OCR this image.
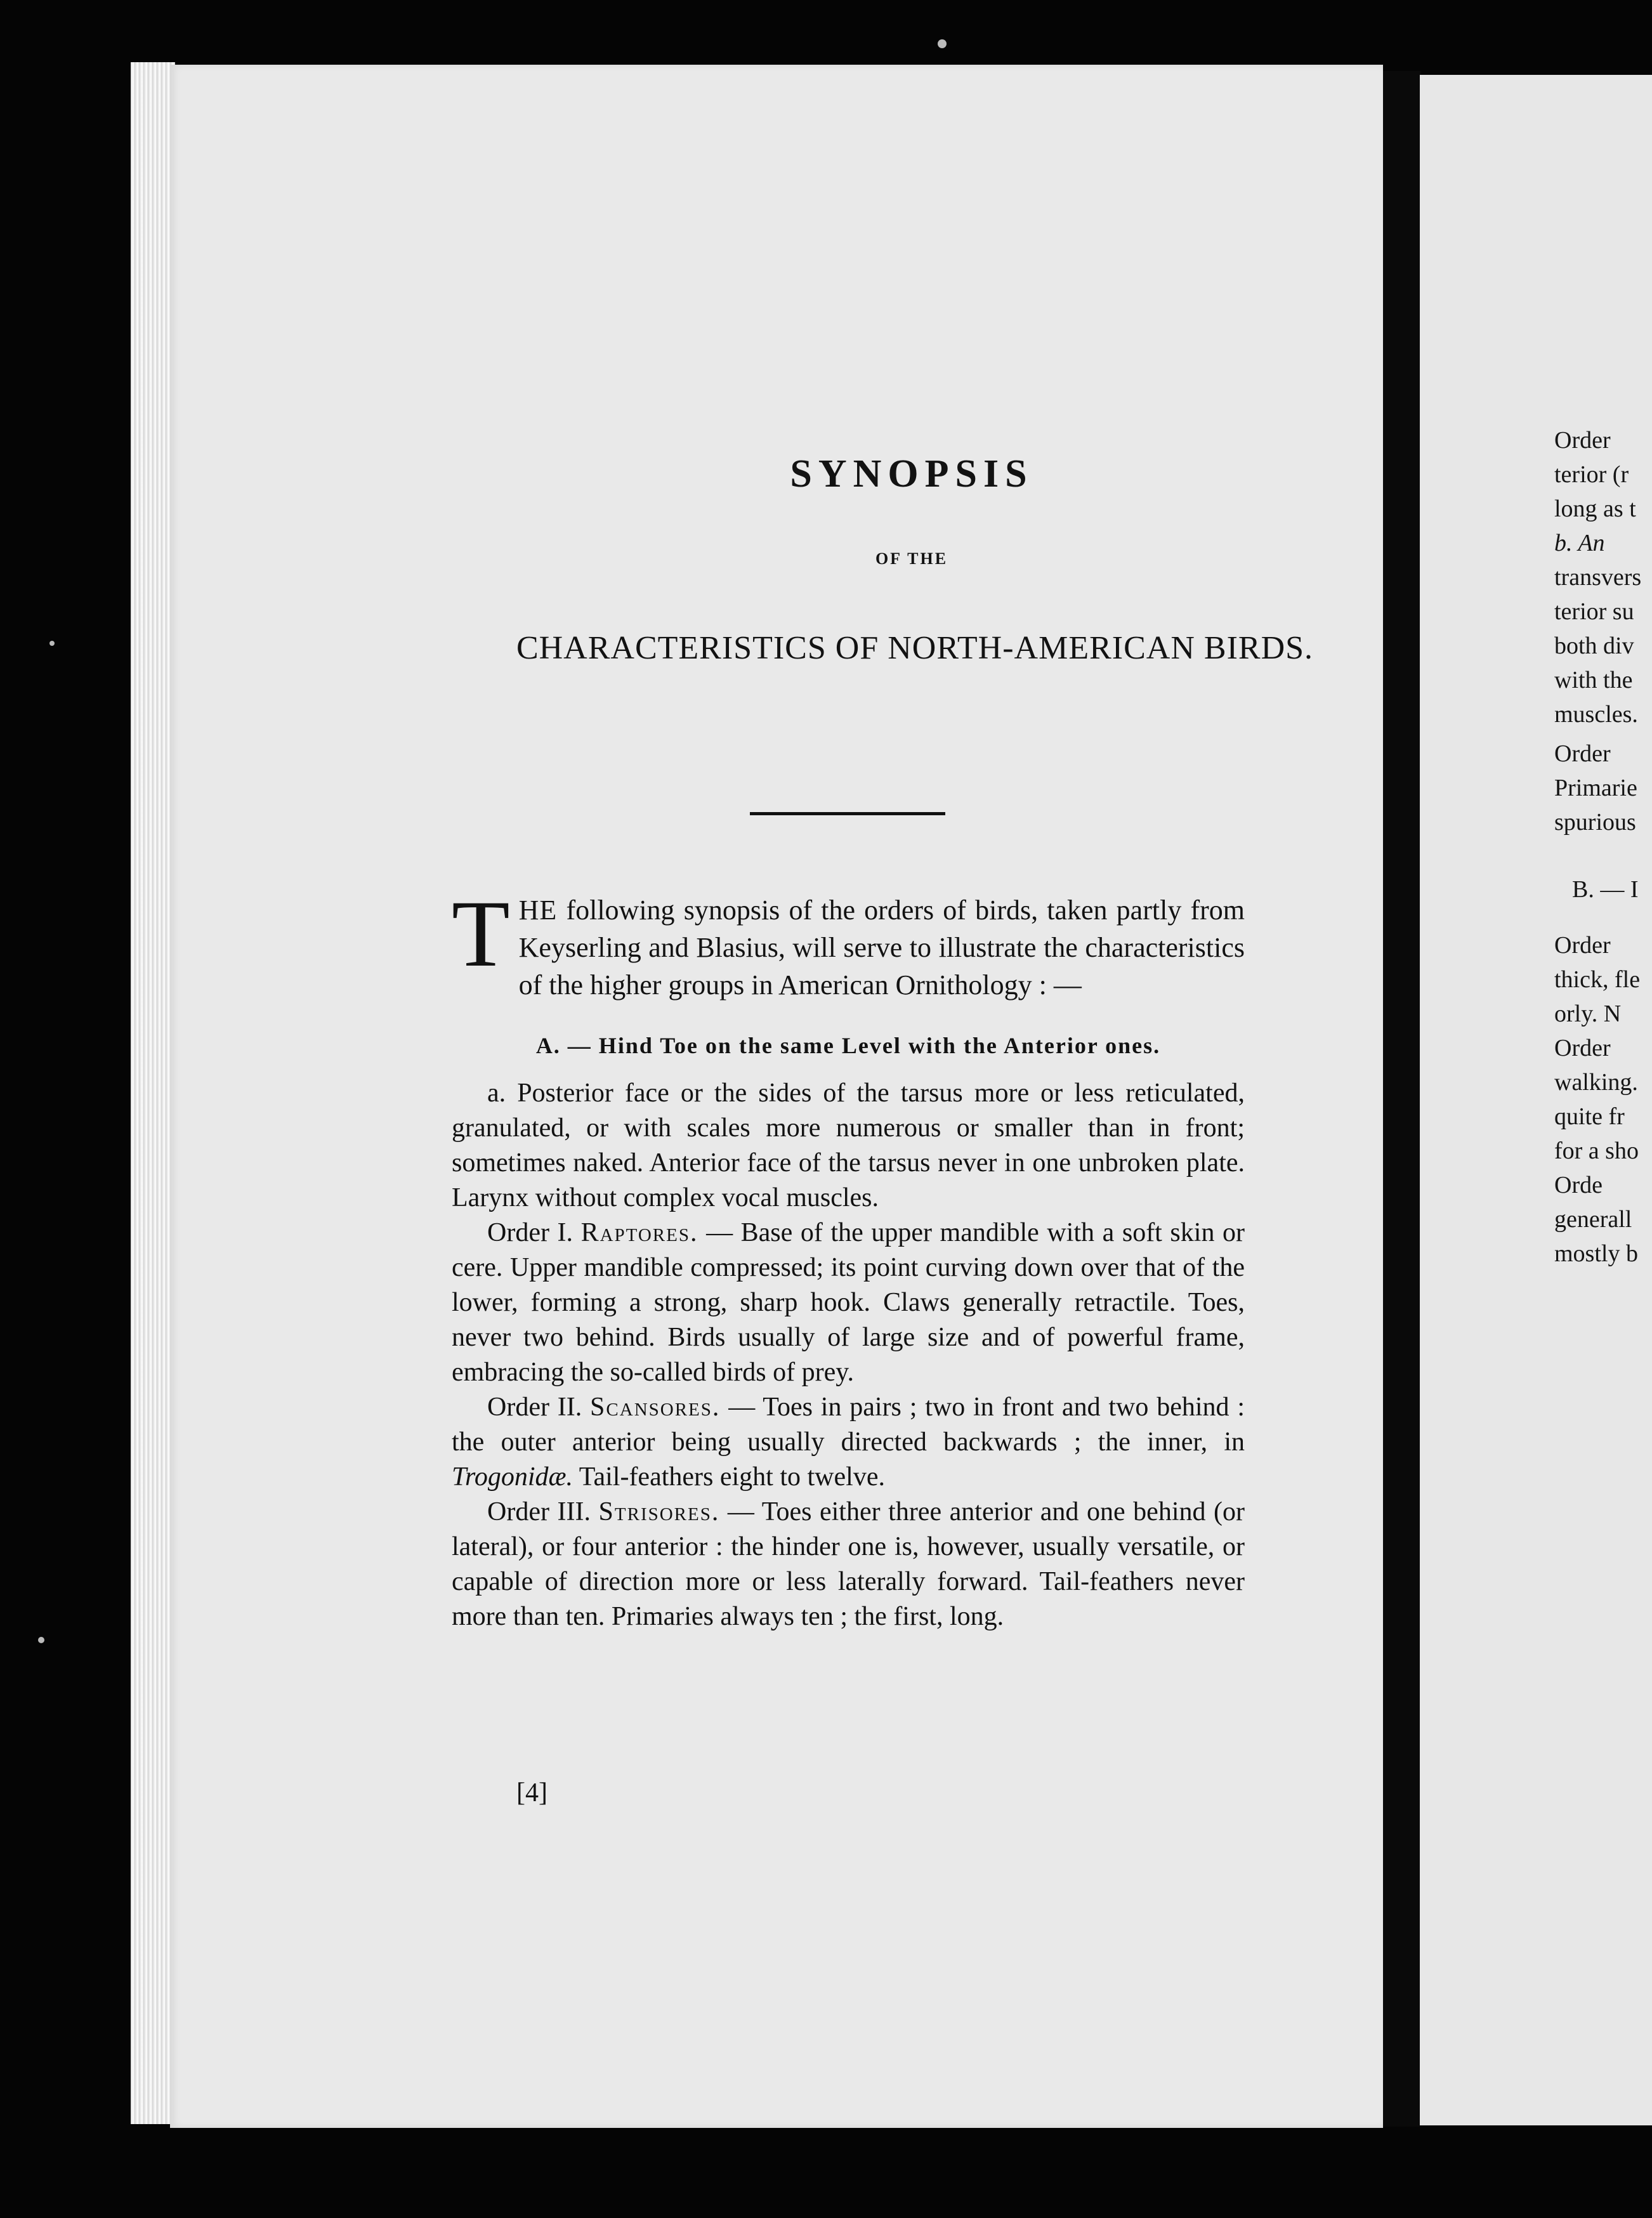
Order
terior (r
long as t
b. An
transvers
terior su
both div
with the
muscles.
Order
Primarie
spurious
B. — I
Order
thick, fle
orly. N
Order
walking.
quite fr
for a sho
Orde
generall
mostly b
SYNOPSIS
OF THE
CHARACTERISTICS OF NORTH-AMERICAN BIRDS.

THE following synopsis of the orders of birds, taken partly from Keyserling and Blasius, will serve to illustrate the characteristics of the higher groups in American Ornithology : —

A. — Hind Toe on the same Level with the Anterior ones.

a. Posterior face or the sides of the tarsus more or less reticulated, granulated, or with scales more numerous or smaller than in front; sometimes naked. Anterior face of the tarsus never in one unbroken plate. Larynx without complex vocal muscles.

Order I. Raptores. — Base of the upper mandible with a soft skin or cere. Upper mandible compressed; its point curving down over that of the lower, forming a strong, sharp hook. Claws generally retractile. Toes, never two behind. Birds usually of large size and of powerful frame, embracing the so-called birds of prey.

Order II. Scansores. — Toes in pairs ; two in front and two behind : the outer anterior being usually directed backwards ; the inner, in Trogonidæ. Tail-feathers eight to twelve.

Order III. Strisores. — Toes either three anterior and one behind (or lateral), or four anterior : the hinder one is, however, usually versatile, or capable of direction more or less laterally forward. Tail-feathers never more than ten. Primaries always ten ; the first, long.

[4]
